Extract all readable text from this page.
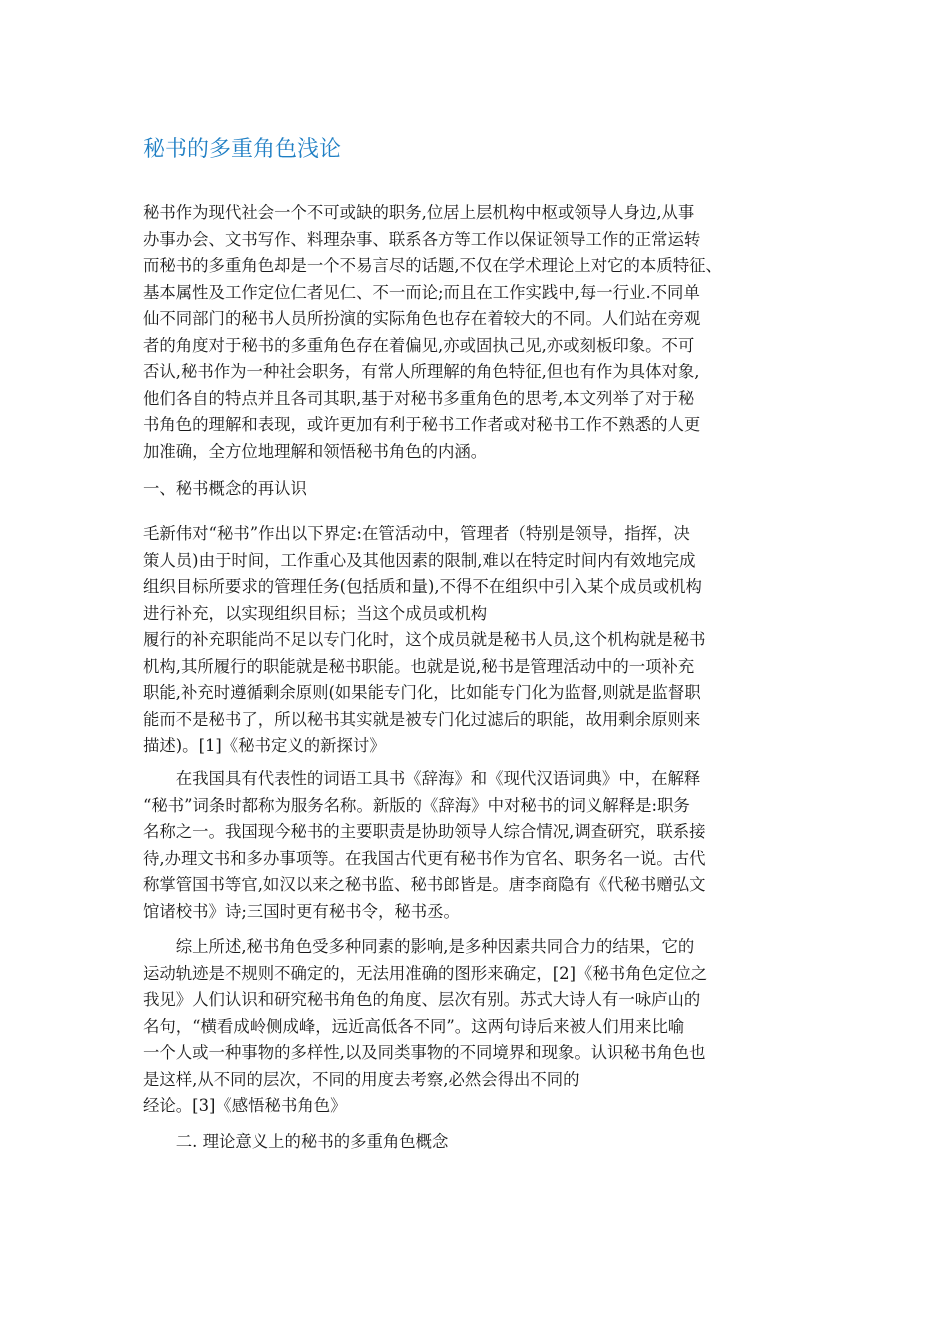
秘书的多重角色浅论
秘书作为现代社会一个不可或缺的职务,位居上层机构中枢或领导人身边,从事
办事办会、文书写作、料理杂事、联系各方等工作以保证领导工作的正常运转
而秘书的多重角色却是一个不易言尽的话题,不仅在学术理论上对它的本质特征、
基本属性及工作定位仁者见仁、不一而论;而且在工作实践中,每一行业.不同单
仙不同部门的秘书人员所扮演的实际角色也存在着较大的不同。人们站在旁观
者的角度对于秘书的多重角色存在着偏见,亦或固执己见,亦或刻板印象。不可
否认,秘书作为一种社会职务，有常人所理解的角色特征,但也有作为具体对象,
他们各自的特点并且各司其职,基于对秘书多重角色的思考,本文列举了对于秘
书角色的理解和表现，或许更加有利于秘书工作者或对秘书工作不熟悉的人更
加准确，全方位地理解和领悟秘书角色的内涵。
一、秘书概念的再认识
毛新伟对“秘书”作出以下界定:在管活动中，管理者（特别是领导，指挥，决
策人员)由于时间，工作重心及其他因素的限制,难以在特定时间内有效地完成
组织目标所要求的管理任务(包括质和量),不得不在组织中引入某个成员或机构
进行补充，以实现组织目标；当这个成员或机构
履行的补充职能尚不足以专门化时，这个成员就是秘书人员,这个机构就是秘书
机构,其所履行的职能就是秘书职能。也就是说,秘书是管理活动中的一项补充
职能,补充时遵循剩余原则(如果能专门化，比如能专门化为监督,则就是监督职
能而不是秘书了，所以秘书其实就是被专门化过滤后的职能，故用剩余原则来
描述)。[1]《秘书定义的新探讨》
　　在我国具有代表性的词语工具书《辞海》和《现代汉语词典》中，在解释
“秘书”词条时都称为服务名称。新版的《辞海》中对秘书的词义解释是:职务
名称之一。我国现今秘书的主要职责是协助领导人综合情况,调查研究，联系接
待,办理文书和多办事项等。在我国古代更有秘书作为官名、职务名一说。古代
称掌管国书等官,如汉以来之秘书监、秘书郎皆是。唐李商隐有《代秘书赠弘文
馆诸校书》诗;三国时更有秘书令，秘书丞。
　　综上所述,秘书角色受多种同素的影响,是多种因素共同合力的结果，它的
运动轨迹是不规则不确定的，无法用准确的图形来确定，[2]《秘书角色定位之
我见》人们认识和研究秘书角色的角度、层次有别。苏式大诗人有一咏庐山的
名句，“横看成岭侧成峰，远近高低各不同”。这两句诗后来被人们用来比喻
一个人或一种事物的多样性,以及同类事物的不同境界和现象。认识秘书角色也
是这样,从不同的层次，不同的用度去考察,必然会得出不同的
经论。[3]《感悟秘书角色》
　　二. 理论意义上的秘书的多重角色概念
